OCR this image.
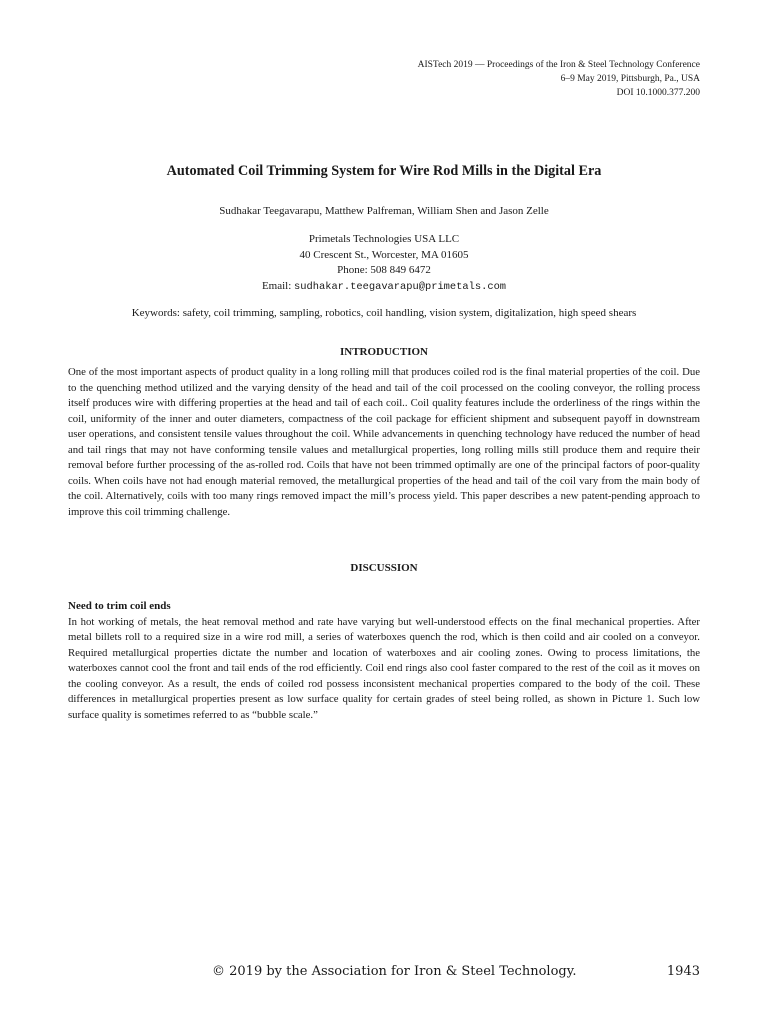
AISTech 2019 — Proceedings of the Iron & Steel Technology Conference
6–9 May 2019, Pittsburgh, Pa., USA
DOI 10.1000.377.200
Automated Coil Trimming System for Wire Rod Mills in the Digital Era
Sudhakar Teegavarapu, Matthew Palfreman, William Shen and Jason Zelle
Primetals Technologies USA LLC
40 Crescent St., Worcester, MA 01605
Phone: 508 849 6472
Email: sudhakar.teegavarapu@primetals.com
Keywords: safety, coil trimming, sampling, robotics, coil handling, vision system, digitalization, high speed shears
INTRODUCTION
One of the most important aspects of product quality in a long rolling mill that produces coiled rod is the final material properties of the coil. Due to the quenching method utilized and the varying density of the head and tail of the coil processed on the cooling conveyor, the rolling process itself produces wire with differing properties at the head and tail of each coil.. Coil quality features include the orderliness of the rings within the coil, uniformity of the inner and outer diameters, compactness of the coil package for efficient shipment and subsequent payoff in downstream user operations, and consistent tensile values throughout the coil. While advancements in quenching technology have reduced the number of head and tail rings that may not have conforming tensile values and metallurgical properties, long rolling mills still produce them and require their removal before further processing of the as-rolled rod. Coils that have not been trimmed optimally are one of the principal factors of poor-quality coils. When coils have not had enough material removed, the metallurgical properties of the head and tail of the coil vary from the main body of the coil. Alternatively, coils with too many rings removed impact the mill’s process yield. This paper describes a new patent-pending approach to improve this coil trimming challenge.
DISCUSSION
Need to trim coil ends
In hot working of metals, the heat removal method and rate have varying but well-understood effects on the final mechanical properties. After metal billets roll to a required size in a wire rod mill, a series of waterboxes quench the rod, which is then coild and air cooled on a conveyor. Required metallurgical properties dictate the number and location of waterboxes and air cooling zones. Owing to process limitations, the waterboxes cannot cool the front and tail ends of the rod efficiently. Coil end rings also cool faster compared to the rest of the coil as it moves on the cooling conveyor. As a result, the ends of coiled rod possess inconsistent mechanical properties compared to the body of the coil. These differences in metallurgical properties present as low surface quality for certain grades of steel being rolled, as shown in Picture 1. Such low surface quality is sometimes referred to as “bubble scale.”
© 2019 by the Association for Iron & Steel Technology.	1943
